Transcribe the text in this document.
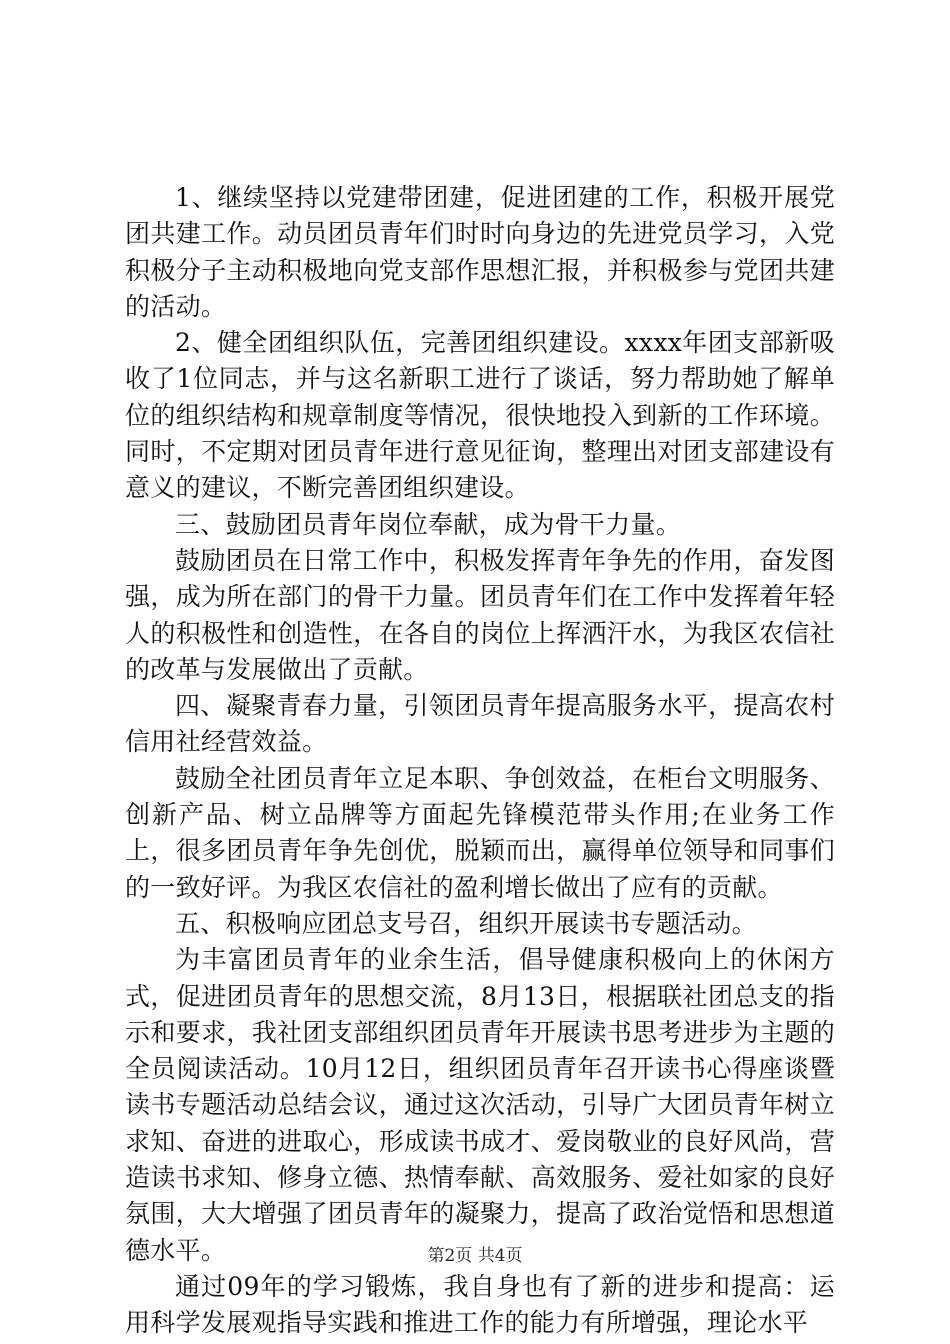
1、继续坚持以党建带团建，促进团建的工作，积极开展党团共建工作。动员团员青年们时时向身边的先进党员学习，入党积极分子主动积极地向党支部作思想汇报，并积极参与党团共建的活动。

2、健全团组织队伍，完善团组织建设。xxxx年团支部新吸收了1位同志，并与这名新职工进行了谈话，努力帮助她了解单位的组织结构和规章制度等情况，很快地投入到新的工作环境。同时，不定期对团员青年进行意见征询，整理出对团支部建设有意义的建议，不断完善团组织建设。

三、鼓励团员青年岗位奉献，成为骨干力量。

鼓励团员在日常工作中，积极发挥青年争先的作用，奋发图强，成为所在部门的骨干力量。团员青年们在工作中发挥着年轻人的积极性和创造性，在各自的岗位上挥洒汗水，为我区农信社的改革与发展做出了贡献。

四、凝聚青春力量，引领团员青年提高服务水平，提高农村信用社经营效益。

鼓励全社团员青年立足本职、争创效益，在柜台文明服务、创新产品、树立品牌等方面起先锋模范带头作用;在业务工作上，很多团员青年争先创优，脱颖而出，赢得单位领导和同事们的一致好评。为我区农信社的盈利增长做出了应有的贡献。

五、积极响应团总支号召，组织开展读书专题活动。

为丰富团员青年的业余生活，倡导健康积极向上的休闲方式，促进团员青年的思想交流，8月13日，根据联社团总支的指示和要求，我社团支部组织团员青年开展读书思考进步为主题的全员阅读活动。10月12日，组织团员青年召开读书心得座谈暨读书专题活动总结会议，通过这次活动，引导广大团员青年树立求知、奋进的进取心，形成读书成才、爱岗敬业的良好风尚，营造读书求知、修身立德、热情奉献、高效服务、爱社如家的良好氛围，大大增强了团员青年的凝聚力，提高了政治觉悟和思想道德水平。

通过09年的学习锻炼，我自身也有了新的进步和提高：运用科学发展观指导实践和推进工作的能力有所增强，理论水平

第2页 共4页
